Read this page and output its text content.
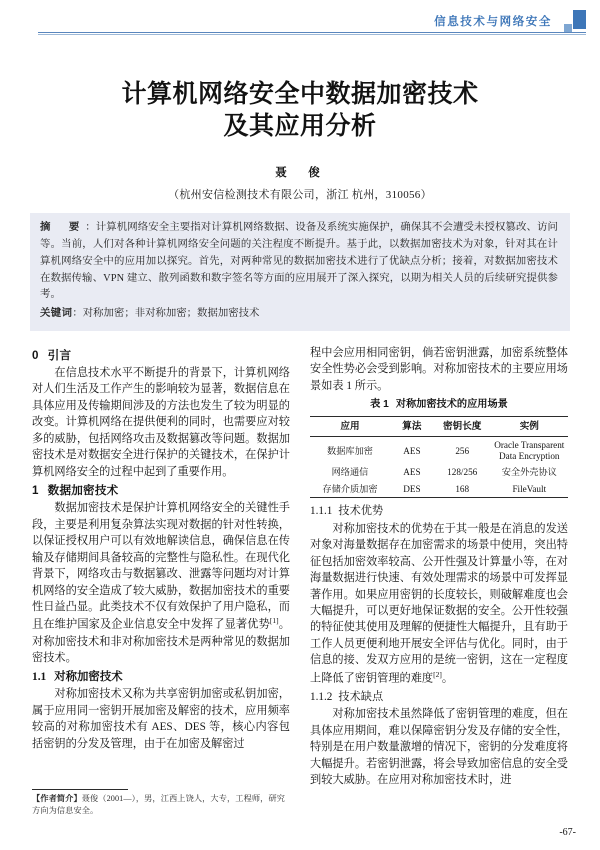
信息技术与网络安全
计算机网络安全中数据加密技术
及其应用分析
聂　俊
（杭州安信检测技术有限公司，浙江 杭州，310056）
摘　要 ：计算机网络安全主要指对计算机网络数据、设备及系统实施保护，确保其不会遭受未授权篡改、访问等。当前，人们对各种计算机网络安全问题的关注程度不断提升。基于此，以数据加密技术为对象，针对其在计算机网络安全中的应用加以探究。首先，对两种常见的数据加密技术进行了优缺点分析；接着，对数据加密技术在数据传输、VPN 建立、散列函数和数字签名等方面的应用展开了深入探究，以期为相关人员的后续研究提供参考。
关键词：对称加密；非对称加密；数据加密技术
0 引言

在信息技术水平不断提升的背景下，计算机网络对人们生活及工作产生的影响较为显著，数据信息在具体应用及传输期间涉及的方法也发生了较为明显的改变。计算机网络在提供便利的同时，也需要应对较多的威胁，包括网络攻击及数据篡改等问题。数据加密技术是对数据安全进行保护的关键技术，在保护计算机网络安全的过程中起到了重要作用。

1 数据加密技术

数据加密技术是保护计算机网络安全的关键性手段，主要是利用复杂算法实现对数据的针对性转换，以保证授权用户可以有效地解读信息，确保信息在传输及存储期间具备较高的完整性与隐私性。在现代化背景下，网络攻击与数据篡改、泄露等问题均对计算机网络的安全造成了较大威胁，数据加密技术的重要性日益凸显。此类技术不仅有效保护了用户隐私，而且在维护国家及企业信息安全中发挥了显著优势[1]。对称加密技术和非对称加密技术是两种常见的数据加密技术。

1.1 对称加密技术

对称加密技术又称为共享密钥加密或私钥加密，属于应用同一密钥开展加密及解密的技术，应用频率较高的对称加密技术有 AES、DES 等，核心内容包括密钥的分发及管理，由于在加密及解密过

程中会应用相同密钥，倘若密钥泄露，加密系统整体安全性势必会受到影响。对称加密技术的主要应用场景如表 1 所示。

表 1 对称加密技术的应用场景
应用	算法	密钥长度	实例
数据库加密	AES	256	Oracle Transparent
Data Encryption

网络通信	AES	128/256	安全外壳协议
存储介质加密	DES	168	FileVault
1.1.1 技术优势

对称加密技术的优势在于其一般是在消息的发送对象对海量数据存在加密需求的场景中使用，突出特征包括加密效率较高、公开性强及计算量小等，在对海量数据进行快速、有效处理需求的场景中可发挥显著作用。如果应用密钥的长度较长，则破解难度也会大幅提升，可以更好地保证数据的安全。公开性较强的特征使其使用及理解的便捷性大幅提升，且有助于工作人员更便利地开展安全评估与优化。同时，由于信息的接、发双方应用的是统一密钥，这在一定程度上降低了密钥管理的难度[2]。

1.1.2 技术缺点

对称加密技术虽然降低了密钥管理的难度，但在具体应用期间，难以保障密钥分发及存储的安全性，特别是在用户数量激增的情况下，密钥的分发难度将大幅提升。若密钥泄露，将会导致加密信息的安全受到较大威胁。在应用对称加密技术时，进

【作者简介】聂俊（2001—），男，江西上饶人，大专，工程师，研究方向为信息安全。
-67-
